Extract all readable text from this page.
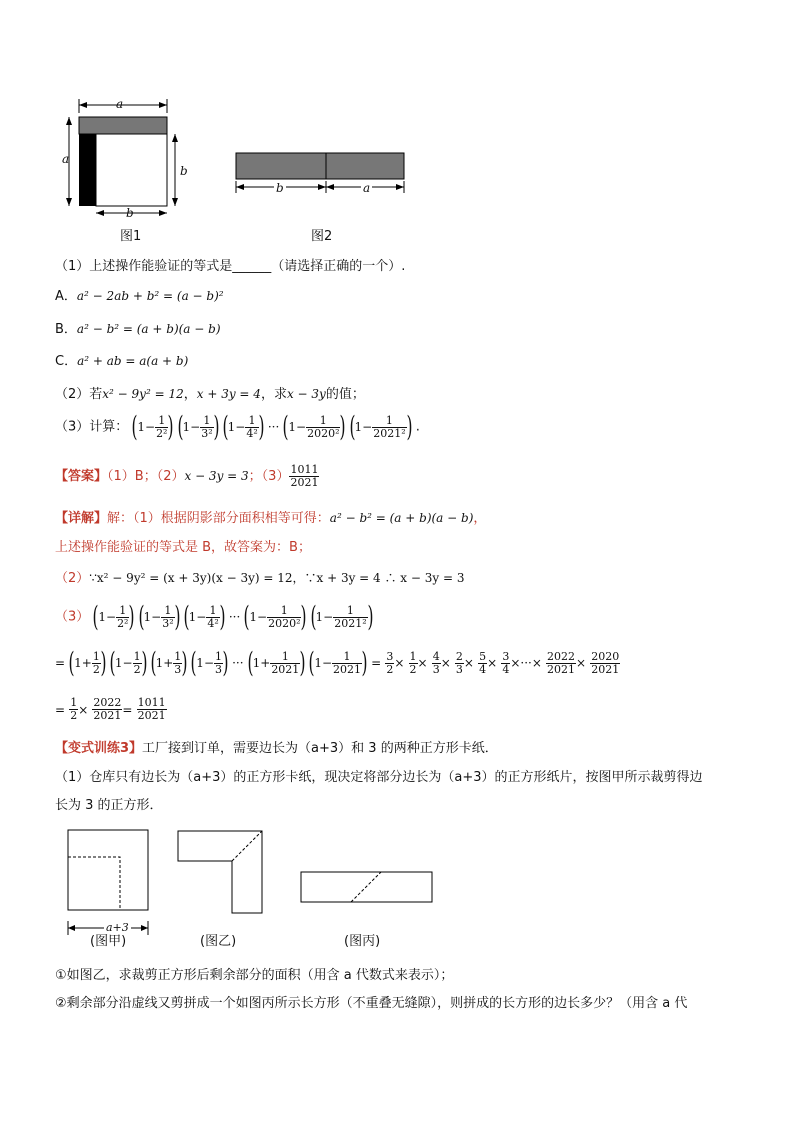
a
a
b
b
图1
b	a
图2
（1）上述操作能验证的等式是______（请选择正确的一个）.
A．a² − 2ab + b² = (a − b)²
B．a² − b² = (a + b)(a − b)
C．a² + ab = a(a + b)
（2）若x² − 9y² = 12，x + 3y = 4，求x − 3y的值；
（3）计算： ($1- \frac{1}{\text{2²}}$ ) ($1- \frac{1}{\text{3²}}$ ) ($1- \frac{1}{\text{4²}}$ ) ··· ($1- \frac{1}{\text{2020²}}$ ) ($1- \frac{1}{\text{2021²}}$ ) .
【答案】（1）B；（2）x − 3y = 3；$(3) \frac{1011}{2021}$
【详解】解：（1）根据阴影部分面积相等可得：a² − b² = (a + b)(a − b)，
上述操作能验证的等式是 B，故答案为：B；
（2）∵x² − 9y² = (x + 3y)(x − 3y) = 12，∵x + 3y = 4 ∴ x − 3y = 3
（3） ($1- \frac{1}{\text{2²}}$ ) ($1- \frac{1}{\text{3²}}$ ) ($1- \frac{1}{\text{4²}}$ ) ··· ($1- \frac{1}{\text{2020²}}$ ) ($1- \frac{1}{\text{2021²}}$ )
= ($1+ \frac{1}{2}$ ) ($1- \frac{1}{2}$ ) ($1+ \frac{1}{3}$ ) ($1- \frac{1}{3}$ ) ··· ($1+ \frac{1}{2021}$ ) ($1- \frac{1}{2021}$ ) = $\frac{3}{2} \times \frac{1}{2} \times \frac{4}{3} \times \frac{2}{3} \times \frac{5}{4} \times \frac{3}{4}$ ×···× $\frac{2022}{2021} \times \frac{2020}{2021}$
= $\frac{1}{2} \times \frac{2022}{2021} = \frac{1011}{2021}$
【变式训练3】工厂接到订单，需要边长为（a+3）和 3 的两种正方形卡纸．
（1）仓库只有边长为（a+3）的正方形卡纸，现决定将部分边长为（a+3）的正方形纸片，按图甲所示裁剪得边
长为 3 的正方形．
a+3
(图甲)	(图乙)	(图丙)
①如图乙，求裁剪正方形后剩余部分的面积（用含 a 代数式来表示）；
②剩余部分沿虚线又剪拼成一个如图丙所示长方形（不重叠无缝隙），则拼成的长方形的边长多少？（用含 a 代
